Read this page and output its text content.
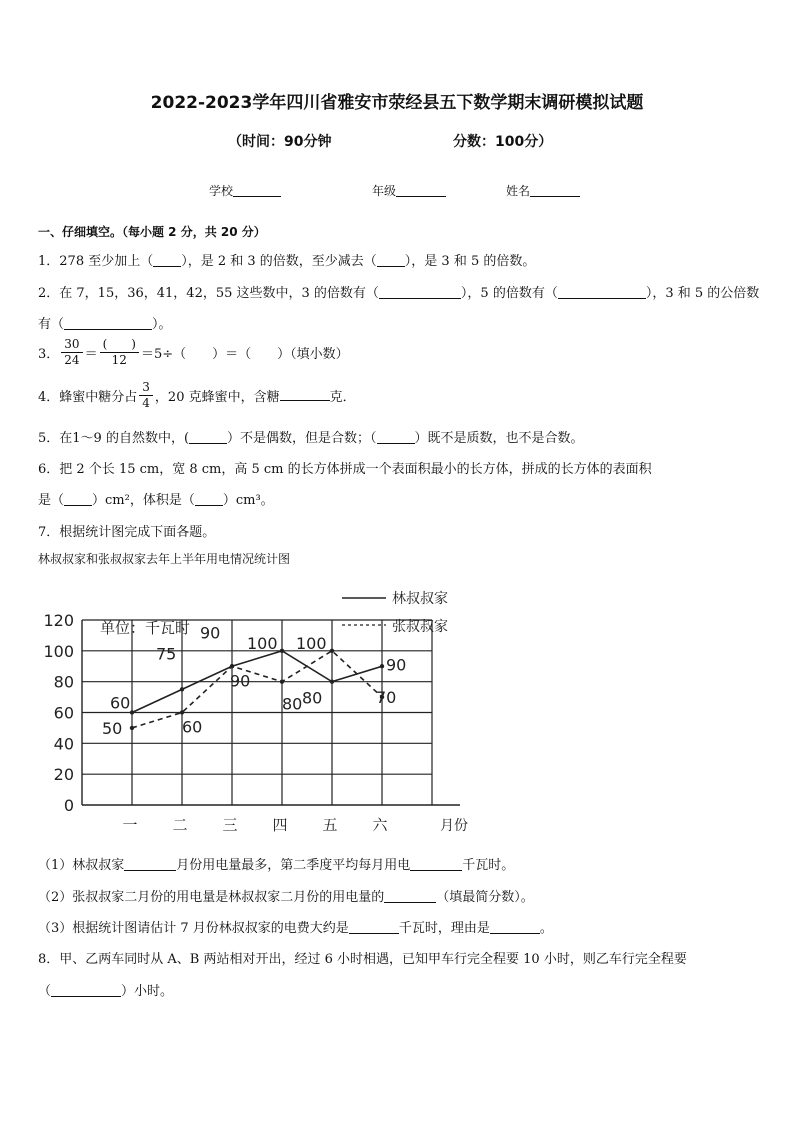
2022-2023学年四川省雅安市荥经县五下数学期末调研模拟试题
（时间：90分钟	分数：100分）
学校	年级	姓名
一、仔细填空。（每小题 2 分，共 20 分）
1．278 至少加上（ ），是 2 和 3 的倍数，至少减去（ ），是 3 和 5 的倍数。
2．在 7，15，36，41，42，55 这些数中，3 的倍数有（	），5 的倍数有（	），3 和 5 的公倍数
有（	）。
3． $\frac{30}{24} = \frac{( )}{12} =5\div$（　　）＝（　　）（填小数）
4．蜂蜜中糖分占 $\frac{3}{4}$ ，20 克蜂蜜中，含糖	克．
5．在1～9 的自然数中，(	）不是偶数，但是合数；（	）既不是质数，也不是合数。
6．把 2 个长 15 cm，宽 8 cm，高 5 cm 的长方体拼成一个表面积最小的长方体，拼成的长方体的表面积
是（ ）cm²，体积是（ ）cm³。
7．根据统计图完成下面各题。
林叔叔家和张叔叔家去年上半年用电情况统计图
0
20
40
60
80
100
120
一 二 三 四 五 六	月份
单位：千瓦时
林叔叔家
张叔叔家
60
75
90
100
80
90
50	60
90
80
100
70
（1）林叔叔家	月份用电量最多，第二季度平均每月用电	千瓦时。
（2）张叔叔家二月份的用电量是林叔叔家二月份的用电量的	（填最简分数）。
（3）根据统计图请估计 7 月份林叔叔家的电费大约是	千瓦时，理由是	。
8．甲、乙两车同时从 A、B 两站相对开出，经过 6 小时相遇，已知甲车行完全程要 10 小时，则乙车行完全程要
（	）小时。
